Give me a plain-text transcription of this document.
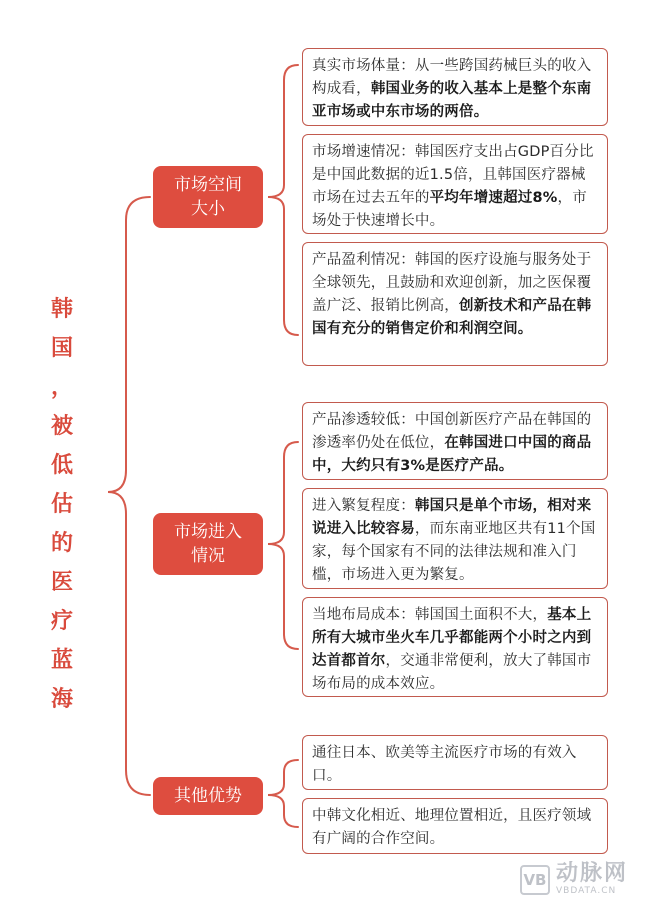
韩
国
，
被
低
估
的
医
疗
蓝
海
市场空间
大小
市场进入
情况
其他优势
真实市场体量：从一些跨国药械巨头的收入构成看，韩国业务的收入基本上是整个东南亚市场或中东市场的两倍。
市场增速情况：韩国医疗支出占GDP百分比是中国此数据的近1.5倍，且韩国医疗器械市场在过去五年的平均年增速超过8%，市场处于快速增长中。
产品盈利情况：韩国的医疗设施与服务处于全球领先，且鼓励和欢迎创新，加之医保覆盖广泛、报销比例高，创新技术和产品在韩国有充分的销售定价和利润空间。
产品渗透较低：中国创新医疗产品在韩国的渗透率仍处在低位，在韩国进口中国的商品中，大约只有3%是医疗产品。
进入繁复程度：韩国只是单个市场，相对来说进入比较容易，而东南亚地区共有11个国家，每个国家有不同的法律法规和准入门槛，市场进入更为繁复。
当地布局成本：韩国国土面积不大，基本上所有大城市坐火车几乎都能两个小时之内到达首都首尔，交通非常便利，放大了韩国市场布局的成本效应。
通往日本、欧美等主流医疗市场的有效入口。
中韩文化相近、地理位置相近，且医疗领域有广阔的合作空间。
VB 动脉网
VBDATA.CN
